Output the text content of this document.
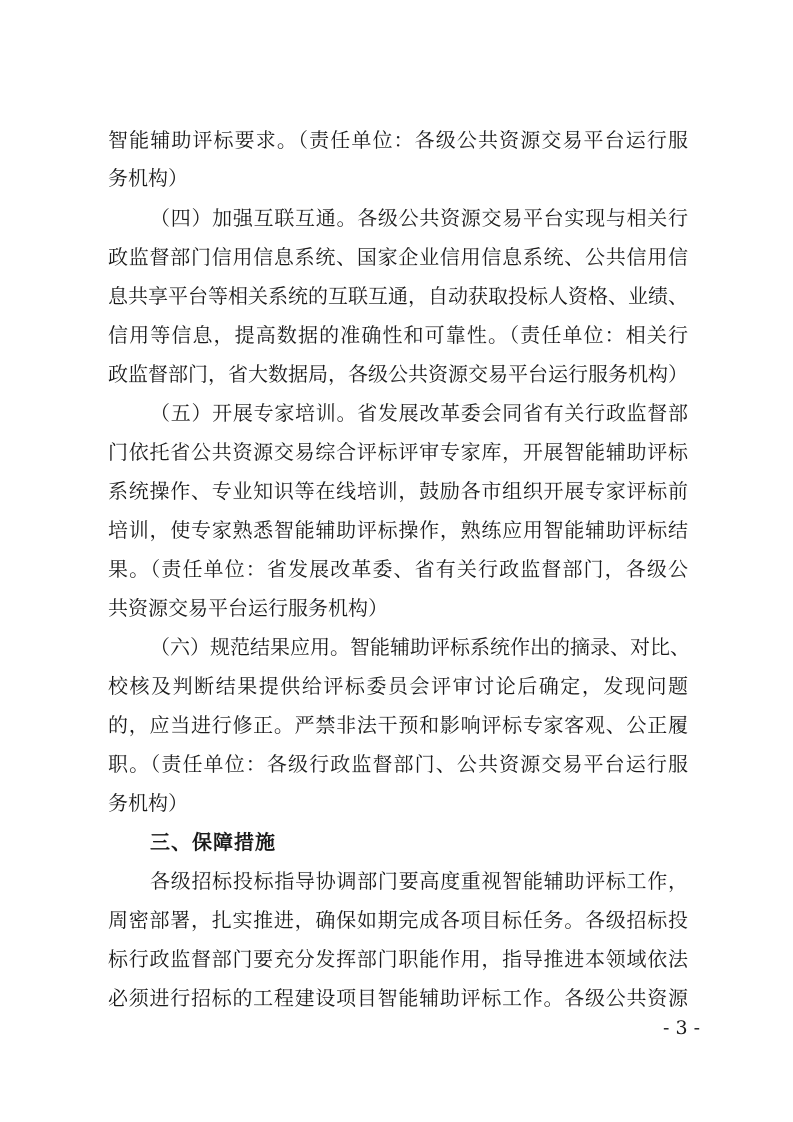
智能辅助评标要求。（责任单位：各级公共资源交易平台运行服
务机构）
（四）加强互联互通。各级公共资源交易平台实现与相关行
政监督部门信用信息系统、国家企业信用信息系统、公共信用信
息共享平台等相关系统的互联互通，自动获取投标人资格、业绩、
信用等信息，提高数据的准确性和可靠性。（责任单位：相关行
政监督部门，省大数据局，各级公共资源交易平台运行服务机构）
（五）开展专家培训。省发展改革委会同省有关行政监督部
门依托省公共资源交易综合评标评审专家库，开展智能辅助评标
系统操作、专业知识等在线培训，鼓励各市组织开展专家评标前
培训，使专家熟悉智能辅助评标操作，熟练应用智能辅助评标结
果。（责任单位：省发展改革委、省有关行政监督部门，各级公
共资源交易平台运行服务机构）
（六）规范结果应用。智能辅助评标系统作出的摘录、对比、
校核及判断结果提供给评标委员会评审讨论后确定，发现问题
的，应当进行修正。严禁非法干预和影响评标专家客观、公正履
职。（责任单位：各级行政监督部门、公共资源交易平台运行服
务机构）
三、保障措施
各级招标投标指导协调部门要高度重视智能辅助评标工作，
周密部署，扎实推进，确保如期完成各项目标任务。各级招标投
标行政监督部门要充分发挥部门职能作用，指导推进本领域依法
必须进行招标的工程建设项目智能辅助评标工作。各级公共资源
- 3 -
